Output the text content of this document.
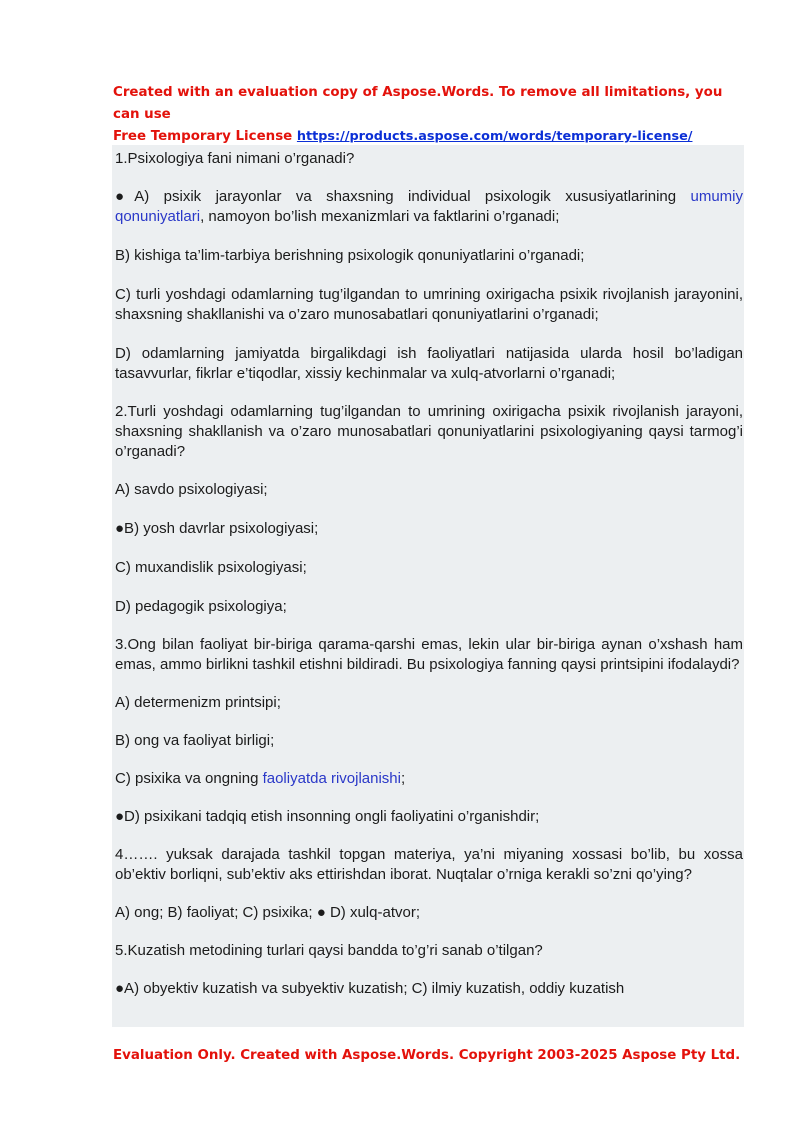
Created with an evaluation copy of Aspose.Words. To remove all limitations, you can use
Free Temporary License https://products.aspose.com/words/temporary-license/

1.Psixologiya fani nimani o’rganadi?

●A) psixik jarayonlar va shaxsning individual psixologik xususiyatlarining umumiy qonuniyatlari, namoyon bo’lish mexanizmlari va faktlarini o’rganadi;

B) kishiga ta’lim-tarbiya berishning psixologik qonuniyatlarini o’rganadi;

C) turli yoshdagi odamlarning tug’ilgandan to umrining oxirigacha psixik rivojlanish jarayonini, shaxsning shakllanishi va o’zaro munosabatlari qonuniyatlarini o’rganadi;

D) odamlarning jamiyatda birgalikdagi ish faoliyatlari natijasida ularda hosil bo’ladigan tasavvurlar, fikrlar e’tiqodlar, xissiy kechinmalar va xulq-atvorlarni o’rganadi;

2.Turli yoshdagi odamlarning tug’ilgandan to umrining oxirigacha psixik rivojlanish jarayoni, shaxsning shakllanish va o’zaro munosabatlari qonuniyatlarini psixologiyaning qaysi tarmog’i o’rganadi?

A) savdo psixologiyasi;

●B) yosh davrlar psixologiyasi;

C) muxandislik psixologiyasi;

D) pedagogik psixologiya;

3.Ong bilan faoliyat bir-biriga qarama-qarshi emas, lekin ular bir-biriga aynan o’xshash ham emas, ammo birlikni tashkil etishni bildiradi. Bu psixologiya fanning qaysi printsipini ifodalaydi?

A) determenizm printsipi;

B) ong va faoliyat birligi;

C) psixika va ongning faoliyatda rivojlanishi;

●D) psixikani tadqiq etish insonning ongli faoliyatini o’rganishdir;

4……. yuksak darajada tashkil topgan materiya, ya’ni miyaning xossasi bo’lib, bu xossa ob’ektiv borliqni, sub’ektiv aks ettirishdan iborat. Nuqtalar o’rniga kerakli so’zni qo’ying?

A) ong; B) faoliyat; C) psixika; ● D) xulq-atvor;

5.Kuzatish metodining turlari qaysi bandda to’g’ri sanab o’tilgan?

●A) obyektiv kuzatish va subyektiv kuzatish; C) ilmiy kuzatish, oddiy kuzatish

Evaluation Only. Created with Aspose.Words. Copyright 2003-2025 Aspose Pty Ltd.
